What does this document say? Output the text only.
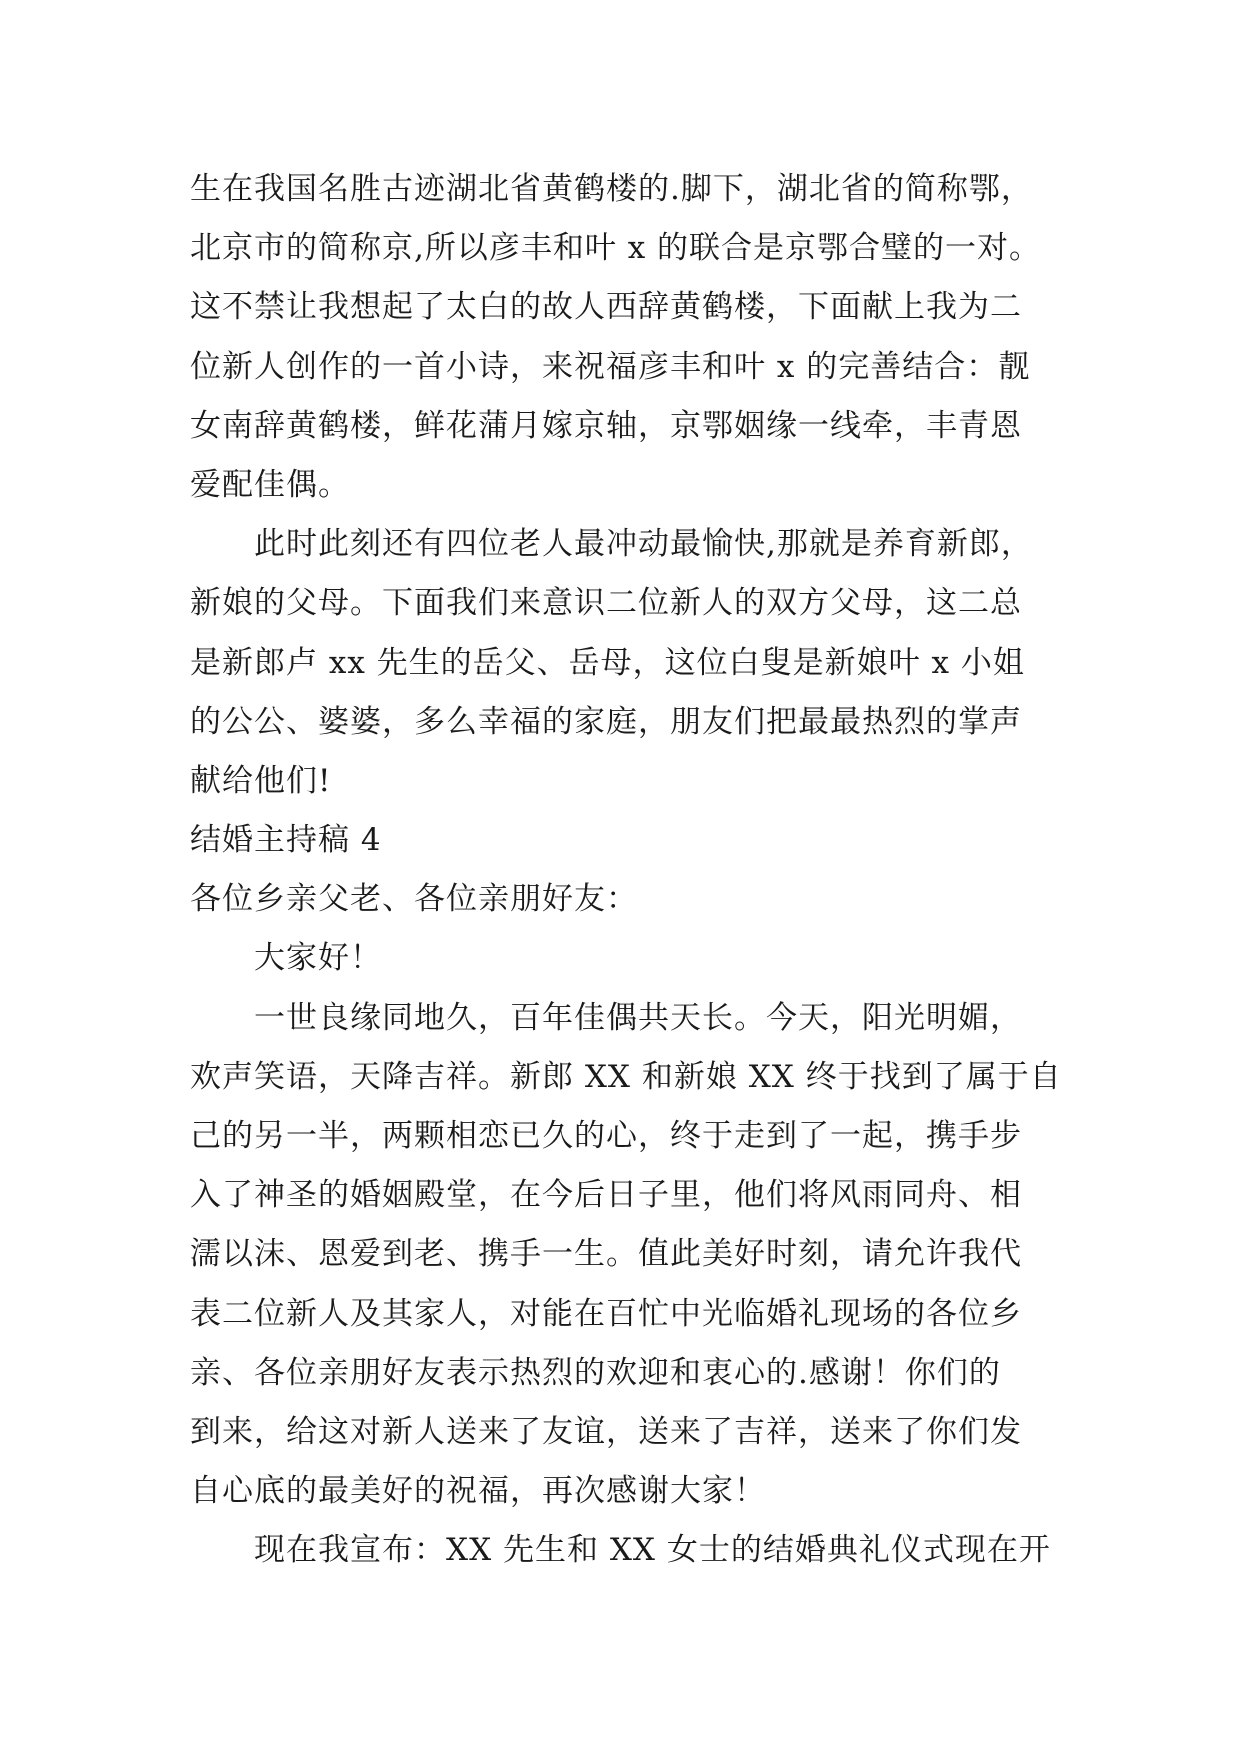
生在我国名胜古迹湖北省黄鹤楼的.脚下，湖北省的简称鄂，
北京市的简称京,所以彦丰和叶 x 的联合是京鄂合璧的一对。
这不禁让我想起了太白的故人西辞黄鹤楼，下面献上我为二
位新人创作的一首小诗，来祝福彦丰和叶 x 的完善结合：靓
女南辞黄鹤楼，鲜花蒲月嫁京轴，京鄂姻缘一线牵，丰青恩
爱配佳偶。
此时此刻还有四位老人最冲动最愉快,那就是养育新郎，
新娘的父母。下面我们来意识二位新人的双方父母，这二总
是新郎卢 xx 先生的岳父、岳母，这位白叟是新娘叶 x 小姐
的公公、婆婆，多么幸福的家庭，朋友们把最最热烈的掌声
献给他们!
结婚主持稿 4
各位乡亲父老、各位亲朋好友：
大家好！
一世良缘同地久，百年佳偶共天长。今天，阳光明媚，
欢声笑语，天降吉祥。新郎 XX 和新娘 XX 终于找到了属于自
己的另一半，两颗相恋已久的心，终于走到了一起，携手步
入了神圣的婚姻殿堂，在今后日子里，他们将风雨同舟、相
濡以沫、恩爱到老、携手一生。值此美好时刻，请允许我代
表二位新人及其家人，对能在百忙中光临婚礼现场的各位乡
亲、各位亲朋好友表示热烈的欢迎和衷心的.感谢！你们的
到来，给这对新人送来了友谊，送来了吉祥，送来了你们发
自心底的最美好的祝福，再次感谢大家！
现在我宣布：XX 先生和 XX 女士的结婚典礼仪式现在开
